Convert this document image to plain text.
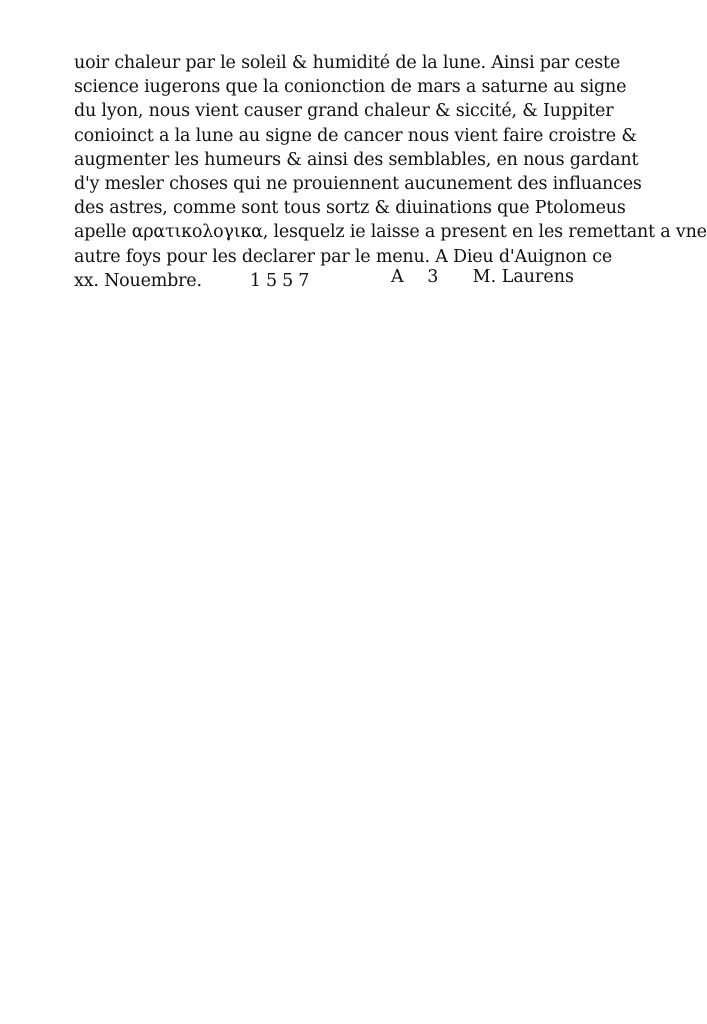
uoir chaleur par le soleil & humidité de la lune. Ainsi par ceste
science iugerons que la conionction de mars a saturne au signe
du lyon, nous vient causer grand chaleur & siccité, & Iuppiter
conioinct a la lune au signe de cancer nous vient faire croistre &
augmenter les humeurs & ainsi des semblables, en nous gardant
d'y mesler choses qui ne prouiennent aucunement des influances
des astres, comme sont tous sortz & diuinations que Ptolomeus
apelle αρατικολογικα, lesquelz ie laisse a present en les remettant a vne
autre foys pour les declarer par le menu. A Dieu d'Auignon ce
xx. Nouembre.	1557	A 3 M. Laurens
